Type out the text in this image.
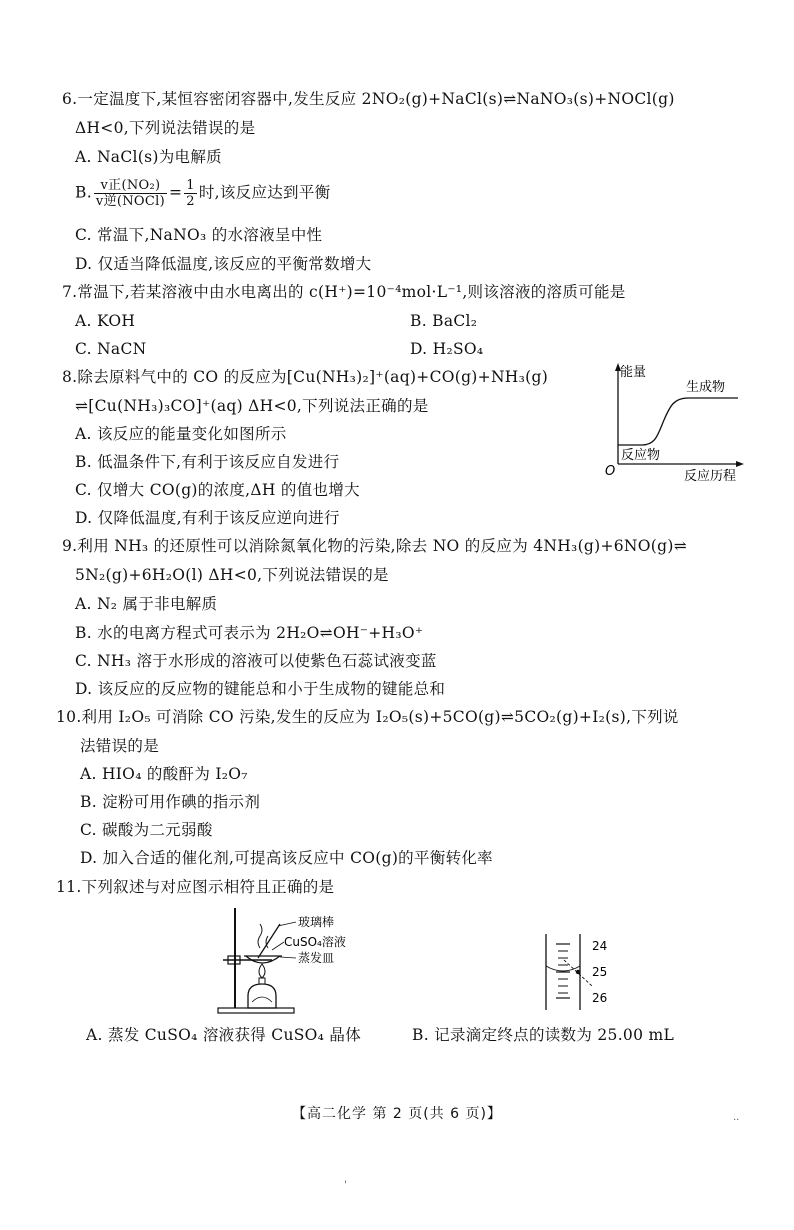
6.一定温度下,某恒容密闭容器中,发生反应 2NO₂(g)+NaCl(s)⇌NaNO₃(s)+NOCl(g)
ΔH<0,下列说法错误的是
A. NaCl(s)为电解质
B. $\frac{\text{v正(NO₂)}}{\text{v逆(NOCl)}} = \frac{1}{2}$ 时,该反应达到平衡
C. 常温下,NaNO₃ 的水溶液呈中性
D. 仅适当降低温度,该反应的平衡常数增大
7.常温下,若某溶液中由水电离出的 c(H⁺)=10⁻⁴mol·L⁻¹,则该溶液的溶质可能是
A. KOH	B. BaCl₂
C. NaCN	D. H₂SO₄
8.除去原料气中的 CO 的反应为[Cu(NH₃)₂]⁺(aq)+CO(g)+NH₃(g)
⇌[Cu(NH₃)₃CO]⁺(aq) ΔH<0,下列说法正确的是
A. 该反应的能量变化如图所示
B. 低温条件下,有利于该反应自发进行
C. 仅增大 CO(g)的浓度,ΔH 的值也增大
D. 仅降低温度,有利于该反应逆向进行
能量
生成物
反应物
O	反应历程
9.利用 NH₃ 的还原性可以消除氮氧化物的污染,除去 NO 的反应为 4NH₃(g)+6NO(g)⇌
5N₂(g)+6H₂O(l) ΔH<0,下列说法错误的是
A. N₂ 属于非电解质
B. 水的电离方程式可表示为 2H₂O⇌OH⁻+H₃O⁺
C. NH₃ 溶于水形成的溶液可以使紫色石蕊试液变蓝
D. 该反应的反应物的键能总和小于生成物的键能总和
10.利用 I₂O₅ 可消除 CO 污染,发生的反应为 I₂O₅(s)+5CO(g)⇌5CO₂(g)+I₂(s),下列说
法错误的是
A. HIO₄ 的酸酐为 I₂O₇
B. 淀粉可用作碘的指示剂
C. 碳酸为二元弱酸
D. 加入合适的催化剂,可提高该反应中 CO(g)的平衡转化率
11.下列叙述与对应图示相符且正确的是
玻璃棒
CuSO₄溶液
蒸发皿
24
25
26
A. 蒸发 CuSO₄ 溶液获得 CuSO₄ 晶体	B. 记录滴定终点的读数为 25.00 mL
【高二化学 第 2 页(共 6 页)】	..
'
